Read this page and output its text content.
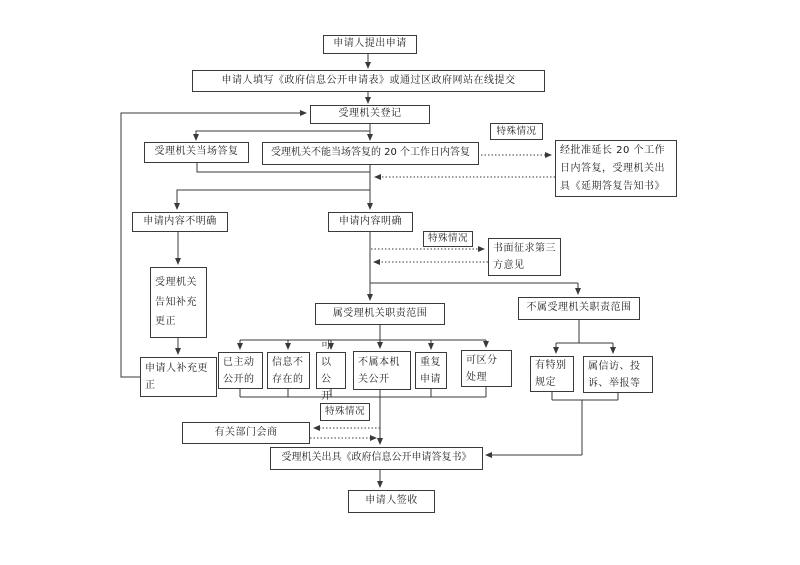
申请人提出申请
申请人填写《政府信息公开申请表》或通过区政府网站在线提交
受理机关登记
受理机关当场答复	受理机关不能当场答复的 20 个工作日内答复
特殊情况
经批准延长 20 个工作日内答复，受理机关出具《延期答复告知书》
申请内容不明确	申请内容明确
特殊情况
书面征求第三方意见
受理机关告知补充更正
申请人补充更正
属受理机关职责范围	不属受理机关职责范围
已主动公开的
信息不存在的
可以公开
不属本机关公开
重复申请
可区分处理
有特别规定
属信访、投诉、举报等
特殊情况
有关部门会商
受理机关出具《政府信息公开申请答复书》
申请人签收
